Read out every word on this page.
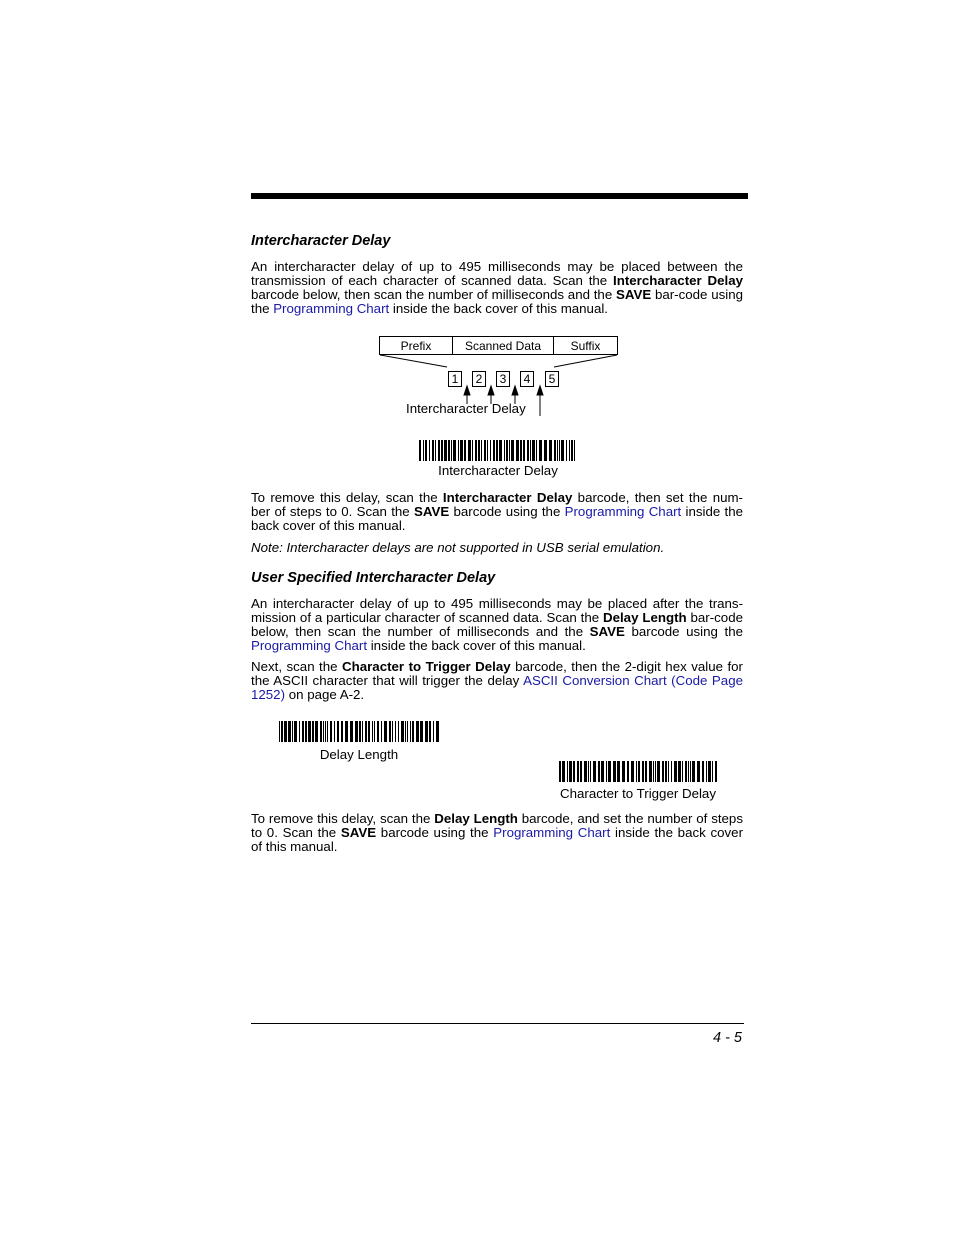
Intercharacter Delay
An intercharacter delay of up to 495 milliseconds may be placed between the transmission of each character of scanned data. Scan the Intercharacter Delay barcode below, then scan the number of milliseconds and the SAVE bar-code using the Programming Chart inside the back cover of this manual.
Prefix	Scanned Data	Suffix
1	2	3	4	5
Intercharacter Delay
Intercharacter Delay
To remove this delay, scan the Intercharacter Delay barcode, then set the num-ber of steps to 0. Scan the SAVE barcode using the Programming Chart inside the back cover of this manual.
Note: Intercharacter delays are not supported in USB serial emulation.
User Specified Intercharacter Delay
An intercharacter delay of up to 495 milliseconds may be placed after the trans-mission of a particular character of scanned data. Scan the Delay Length bar-code below, then scan the number of milliseconds and the SAVE barcode using the Programming Chart inside the back cover of this manual.
Next, scan the Character to Trigger Delay barcode, then the 2-digit hex value for the ASCII character that will trigger the delay ASCII Conversion Chart (Code Page 1252) on page A-2.
Delay Length
Character to Trigger Delay
To remove this delay, scan the Delay Length barcode, and set the number of steps to 0. Scan the SAVE barcode using the Programming Chart inside the back cover of this manual.
4 - 5
